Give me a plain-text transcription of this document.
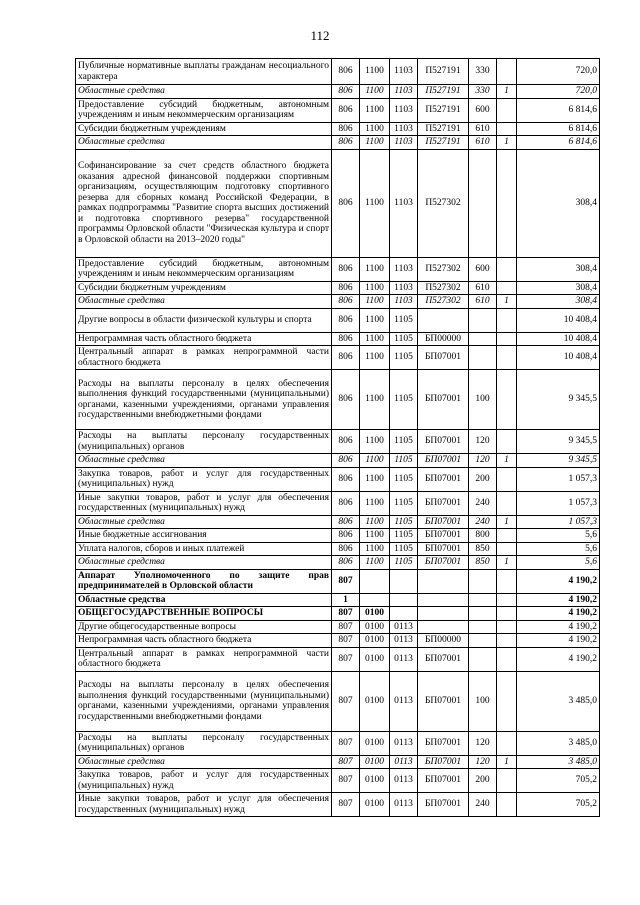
112
Публичные нормативные выплаты гражданам несоциального характера	806	1100	1103	П527191	330		720,0
Областные средства	806	1100	1103	П527191	330	1	720,0
Предоставление субсидий бюджетным, автономным учреждениям и иным некоммерческим организациям	806	1100	1103	П527191	600		6 814,6
Субсидии бюджетным учреждениям	806	1100	1103	П527191	610		6 814,6
Областные средства	806	1100	1103	П527191	610	1	6 814,6
Софинансирование за счет средств областного бюджета оказания адресной финансовой поддержки спортивным организациям, осуществляющим подготовку спортивного резерва для сборных команд Российской Федерации, в рамках подпрограммы "Развитие спорта высших достижений и подготовка спортивного резерва" государственной программы Орловской области "Физическая культура и спорт в Орловской области на 2013–2020 годы"	806	1100	1103	П527302			308,4
Предоставление субсидий бюджетным, автономным учреждениям и иным некоммерческим организациям	806	1100	1103	П527302	600		308,4
Субсидии бюджетным учреждениям	806	1100	1103	П527302	610		308,4
Областные средства	806	1100	1103	П527302	610	1	308,4
Другие вопросы в области физической культуры и спорта	806	1100	1105				10 408,4
Непрограммная часть областного бюджета	806	1100	1105	БП00000			10 408,4
Центральный аппарат в рамках непрограммной части областного бюджета	806	1100	1105	БП07001			10 408,4
Расходы на выплаты персоналу в целях обеспечения выполнения функций государственными (муниципальными) органами, казенными учреждениями, органами управления государственными внебюджетными фондами	806	1100	1105	БП07001	100		9 345,5
Расходы на выплаты персоналу государственных (муниципальных) органов	806	1100	1105	БП07001	120		9 345,5
Областные средства	806	1100	1105	БП07001	120	1	9 345,5
Закупка товаров, работ и услуг для государственных (муниципальных) нужд	806	1100	1105	БП07001	200		1 057,3
Иные закупки товаров, работ и услуг для обеспечения государственных (муниципальных) нужд	806	1100	1105	БП07001	240		1 057,3
Областные средства	806	1100	1105	БП07001	240	1	1 057,3
Иные бюджетные ассигнования	806	1100	1105	БП07001	800		5,6
Уплата налогов, сборов и иных платежей	806	1100	1105	БП07001	850		5,6
Областные средства	806	1100	1105	БП07001	850	1	5,6
Аппарат Уполномоченного по защите прав предпринимателей в Орловской области	807						4 190,2
Областные средства	1						4 190,2
ОБЩЕГОСУДАРСТВЕННЫЕ ВОПРОСЫ	807	0100					4 190,2
Другие общегосударственные вопросы	807	0100	0113				4 190,2
Непрограммная часть областного бюджета	807	0100	0113	БП00000			4 190,2
Центральный аппарат в рамках непрограммной части областного бюджета	807	0100	0113	БП07001			4 190,2
Расходы на выплаты персоналу в целях обеспечения выполнения функций государственными (муниципальными) органами, казенными учреждениями, органами управления государственными внебюджетными фондами	807	0100	0113	БП07001	100		3 485,0
Расходы на выплаты персоналу государственных (муниципальных) органов	807	0100	0113	БП07001	120		3 485,0
Областные средства	807	0100	0113	БП07001	120	1	3 485,0
Закупка товаров, работ и услуг для государственных (муниципальных) нужд	807	0100	0113	БП07001	200		705,2
Иные закупки товаров, работ и услуг для обеспечения государственных (муниципальных) нужд	807	0100	0113	БП07001	240		705,2
